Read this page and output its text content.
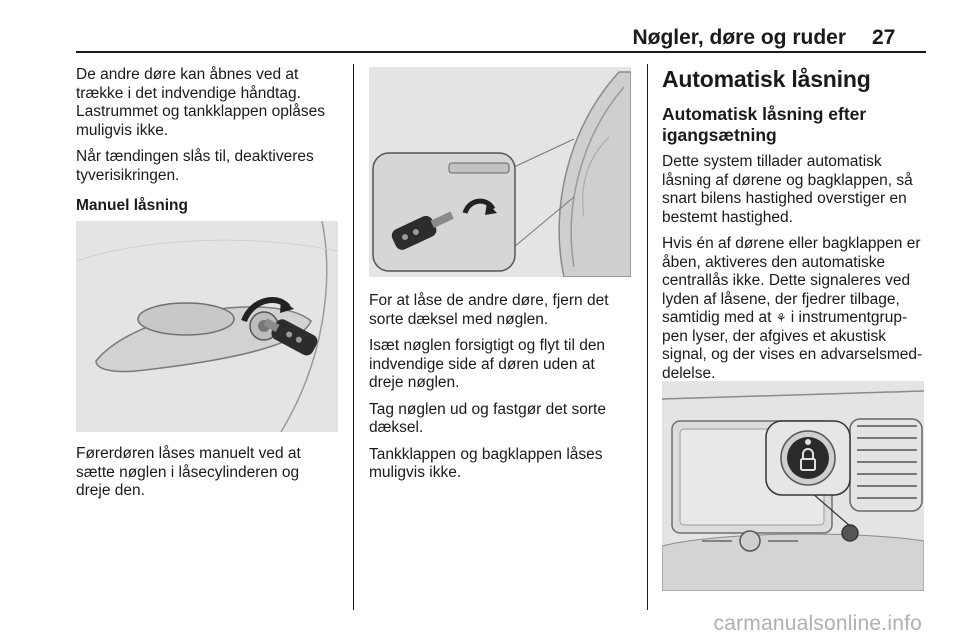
Nøgler, døre og ruder 27

De andre døre kan åbnes ved at
trække i det indvendige håndtag.
Lastrummet og tankklappen oplåses
muligvis ikke.

Når tændingen slås til, deaktiveres
tyverisikringen.

Manuel låsning

Førerdøren låses manuelt ved at
sætte nøglen i låsecylinderen og
dreje den.

For at låse de andre døre, fjern det
sorte dæksel med nøglen.

Isæt nøglen forsigtigt og flyt til den
indvendige side af døren uden at
dreje nøglen.

Tag nøglen ud og fastgør det sorte
dæksel.

Tankklappen og bagklappen låses
muligvis ikke.

Automatisk låsning
Automatisk låsning efter
igangsætning

Dette system tillader automatisk
låsning af dørene og bagklappen, så
snart bilens hastighed overstiger en
bestemt hastighed.

Hvis én af dørene eller bagklappen er
åben, aktiveres den automatiske
centrallås ikke. Dette signaleres ved
lyden af låsene, der fjedrer tilbage,
samtidig med at ⚘ i instrumentgrup-
pen lyser, der afgives et akustisk
signal, og der vises en advarselsmed-
delelse.

carmanualsonline.info
